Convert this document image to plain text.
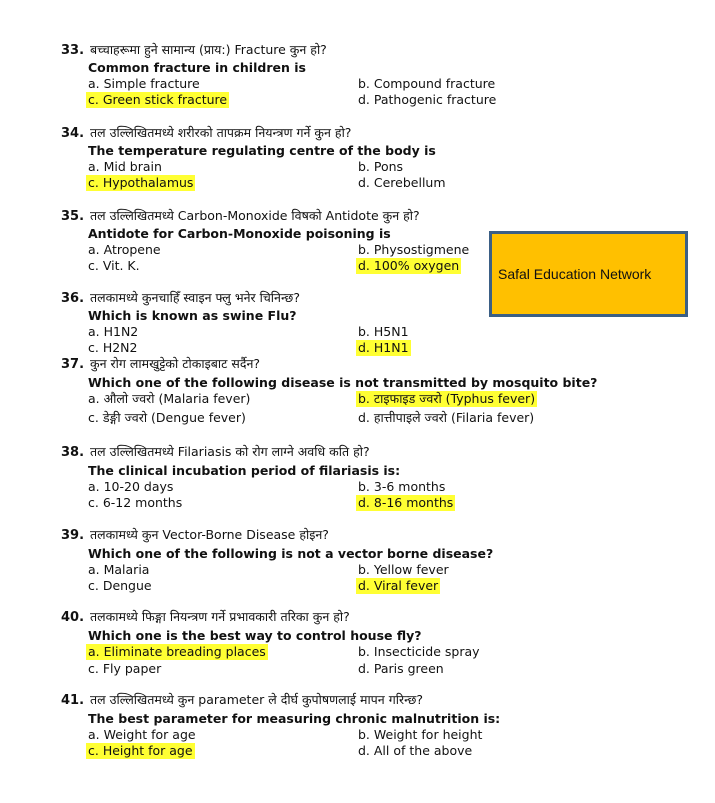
33. बच्चाहरूमा हुने सामान्य (प्राय:) Fracture कुन हो?
Common fracture in children is
a. Simple fracture	b. Compound fracture
c. Green stick fracture	d. Pathogenic fracture
34. तल उल्लिखितमध्ये शरीरको तापक्रम नियन्त्रण गर्ने कुन हो?
The temperature regulating centre of the body is
a. Mid brain	b. Pons
c. Hypothalamus	d. Cerebellum
35. तल उल्लिखितमध्ये Carbon-Monoxide विषको Antidote कुन हो?
Antidote for Carbon-Monoxide poisoning is
a. Atropene	b. Physostigmene
c. Vit. K.	d. 100% oxygen
36. तलकामध्ये कुनचाहिँ स्वाइन फ्लु भनेर चिनिन्छ?
Which is known as swine Flu?
a. H1N2	b. H5N1
c. H2N2	d. H1N1
37. कुन रोग लामखुट्टेको टोकाइबाट सर्दैन?
Which one of the following disease is not transmitted by mosquito bite?
a. औलो ज्वरो (Malaria fever)	b. टाइफाइड ज्वरो (Typhus fever)
c. डेङ्गी ज्वरो (Dengue fever)	d. हात्तीपाइले ज्वरो (Filaria fever)
38. तल उल्लिखितमध्ये Filariasis को रोग लाग्ने अवधि कति हो?
The clinical incubation period of filariasis is:
a. 10-20 days	b. 3-6 months
c. 6-12 months	d. 8-16 months
39. तलकामध्ये कुन Vector-Borne Disease होइन?
Which one of the following is not a vector borne disease?
a. Malaria	b. Yellow fever
c. Dengue	d. Viral fever
40. तलकामध्ये फिङ्गा नियन्त्रण गर्ने प्रभावकारी तरिका कुन हो?
Which one is the best way to control house fly?
a. Eliminate breading places	b. Insecticide spray
c. Fly paper	d. Paris green
41. तल उल्लिखितमध्ये कुन parameter ले दीर्घ कुपोषणलाई मापन गरिन्छ?
The best parameter for measuring chronic malnutrition is:
a. Weight for age	b. Weight for height
c. Height for age	d. All of the above
Safal Education Network
